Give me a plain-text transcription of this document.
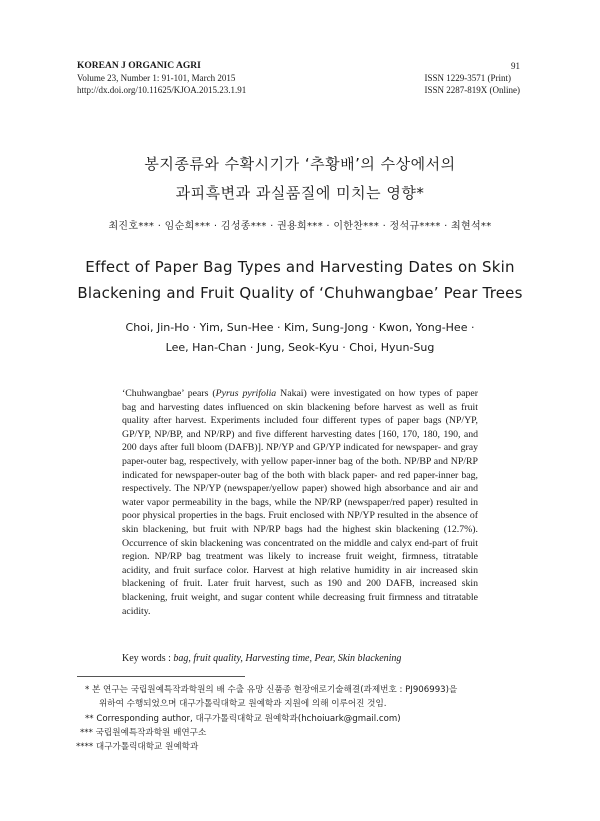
KOREAN J ORGANIC AGRI
Volume 23, Number 1: 91-101, March 2015
http://dx.doi.org/10.11625/KJOA.2015.23.1.91
91
ISSN 1229-3571 (Print)
ISSN 2287-819X (Online)
봉지종류와 수확시기가 ‘추황배’의 수상에서의
과피흑변과 과실품질에 미치는 영향*
최진호*** · 임순희*** · 김성종*** · 권용희*** · 이한찬*** · 정석규**** · 최현석**
Effect of Paper Bag Types and Harvesting Dates on Skin
Blackening and Fruit Quality of ‘Chuhwangbae’ Pear Trees
Choi, Jin-Ho · Yim, Sun-Hee · Kim, Sung-Jong · Kwon, Yong-Hee ·
Lee, Han-Chan · Jung, Seok-Kyu · Choi, Hyun-Sug

‘Chuhwangbae’ pears (Pyrus pyrifolia Nakai) were investigated on how types of paper bag and harvesting dates influenced on skin blackening before harvest as well as fruit quality after harvest. Experiments included four different types of paper bags (NP/YP, GP/YP, NP/BP, and NP/RP) and five different harvesting dates [160, 170, 180, 190, and 200 days after full bloom (DAFB)]. NP/YP and GP/YP indicated for newspaper- and gray paper-outer bag, respectively, with yellow paper-inner bag of the both. NP/BP and NP/RP indicated for newspaper-outer bag of the both with black paper- and red paper-inner bag, respectively. The NP/YP (newspaper/yellow paper) showed high absorbance and air and water vapor permeability in the bags, while the NP/RP (newspaper/red paper) resulted in poor physical properties in the bags. Fruit enclosed with NP/YP resulted in the absence of skin blackening, but fruit with NP/RP bags had the highest skin blackening (12.7%). Occurrence of skin blackening was concentrated on the middle and calyx end-part of fruit region. NP/RP bag treatment was likely to increase fruit weight, firmness, titratable acidity, and fruit surface color. Harvest at high relative humidity in air increased skin blackening of fruit. Later fruit harvest, such as 190 and 200 DAFB, increased skin blackening, fruit weight, and sugar content while decreasing fruit firmness and titratable acidity.

Key words : bag, fruit quality, Harvesting time, Pear, Skin blackening
* 본 연구는 국립원예특작과학원의 배 수출 유망 신품종 현장애로기술해결(과제번호 : PJ906993)을
위하여 수행되었으며 대구가톨릭대학교 원예학과 지원에 의해 이루어진 것임.
** Corresponding author, 대구가톨릭대학교 원예학과(hchoiuark@gmail.com)
*** 국립원예특작과학원 배연구소
**** 대구가톨릭대학교 원예학과
